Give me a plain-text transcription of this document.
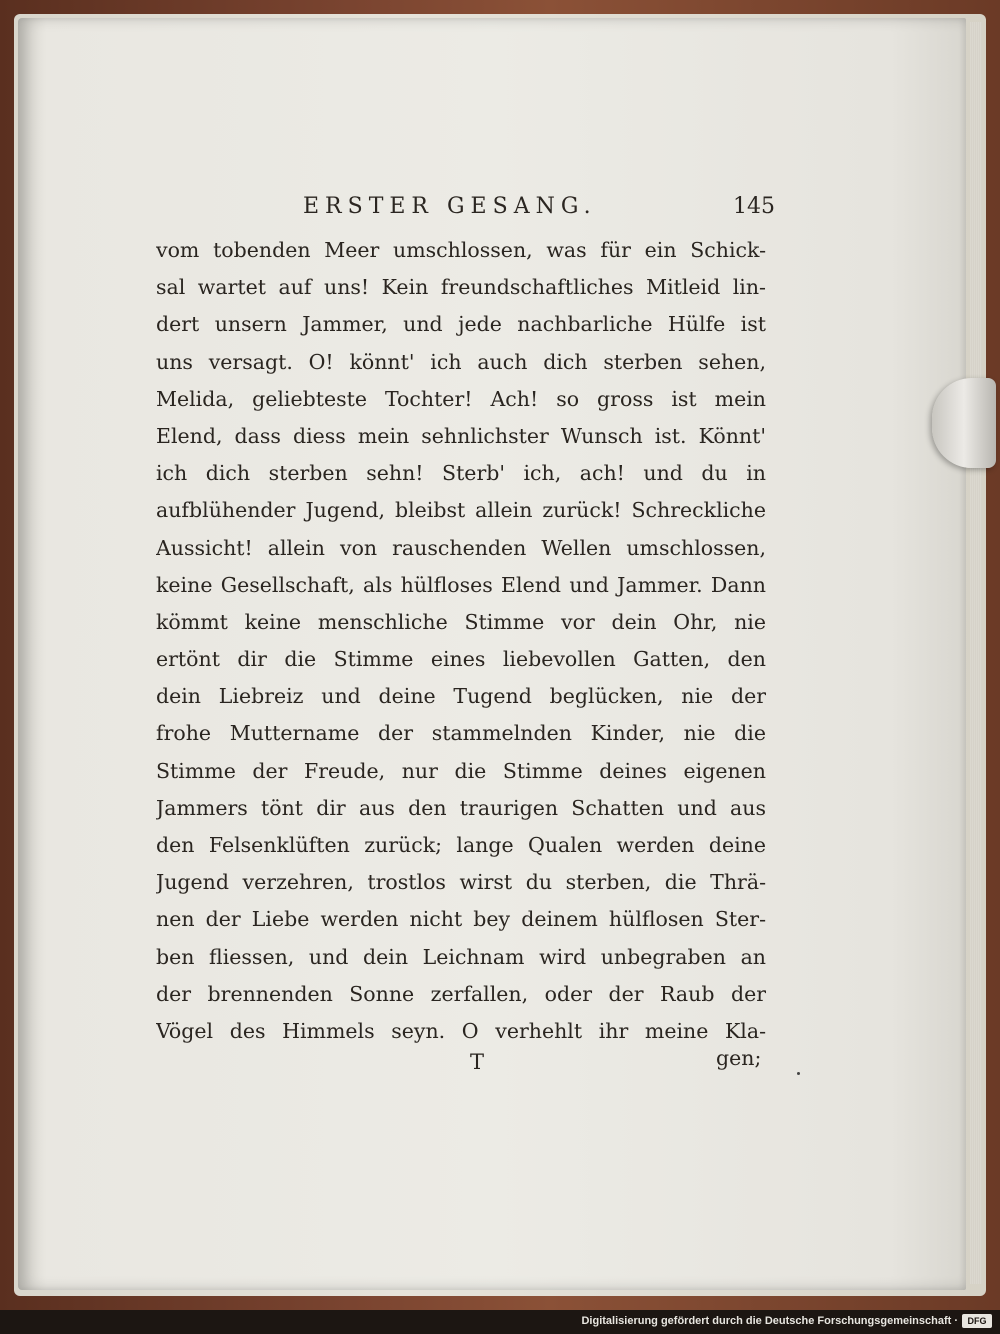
ERSTER GESANG.	145
vom tobenden Meer umschlossen, was für ein Schick-
sal wartet auf uns! Kein freundschaftliches Mitleid lin-
dert unsern Jammer, und jede nachbarliche Hülfe ist
uns versagt. O! könnt' ich auch dich sterben sehen,
Melida, geliebteste Tochter! Ach! so gross ist mein
Elend, dass diess mein sehnlichster Wunsch ist. Könnt'
ich dich sterben sehn! Sterb' ich, ach! und du in
aufblühender Jugend, bleibst allein zurück! Schreckliche
Aussicht! allein von rauschenden Wellen umschlossen,
keine Gesellschaft, als hülfloses Elend und Jammer. Dann
kömmt keine menschliche Stimme vor dein Ohr, nie
ertönt dir die Stimme eines liebevollen Gatten, den
dein Liebreiz und deine Tugend beglücken, nie der
frohe Muttername der stammelnden Kinder, nie die
Stimme der Freude, nur die Stimme deines eigenen
Jammers tönt dir aus den traurigen Schatten und aus
den Felsenklüften zurück; lange Qualen werden deine
Jugend verzehren, trostlos wirst du sterben, die Thrä-
nen der Liebe werden nicht bey deinem hülflosen Ster-
ben fliessen, und dein Leichnam wird unbegraben an
der brennenden Sonne zerfallen, oder der Raub der
Vögel des Himmels seyn. O verhehlt ihr meine Kla-
T	gen;
Digitalisierung gefördert durch die Deutsche Forschungsgemeinschaft ·	DFG
